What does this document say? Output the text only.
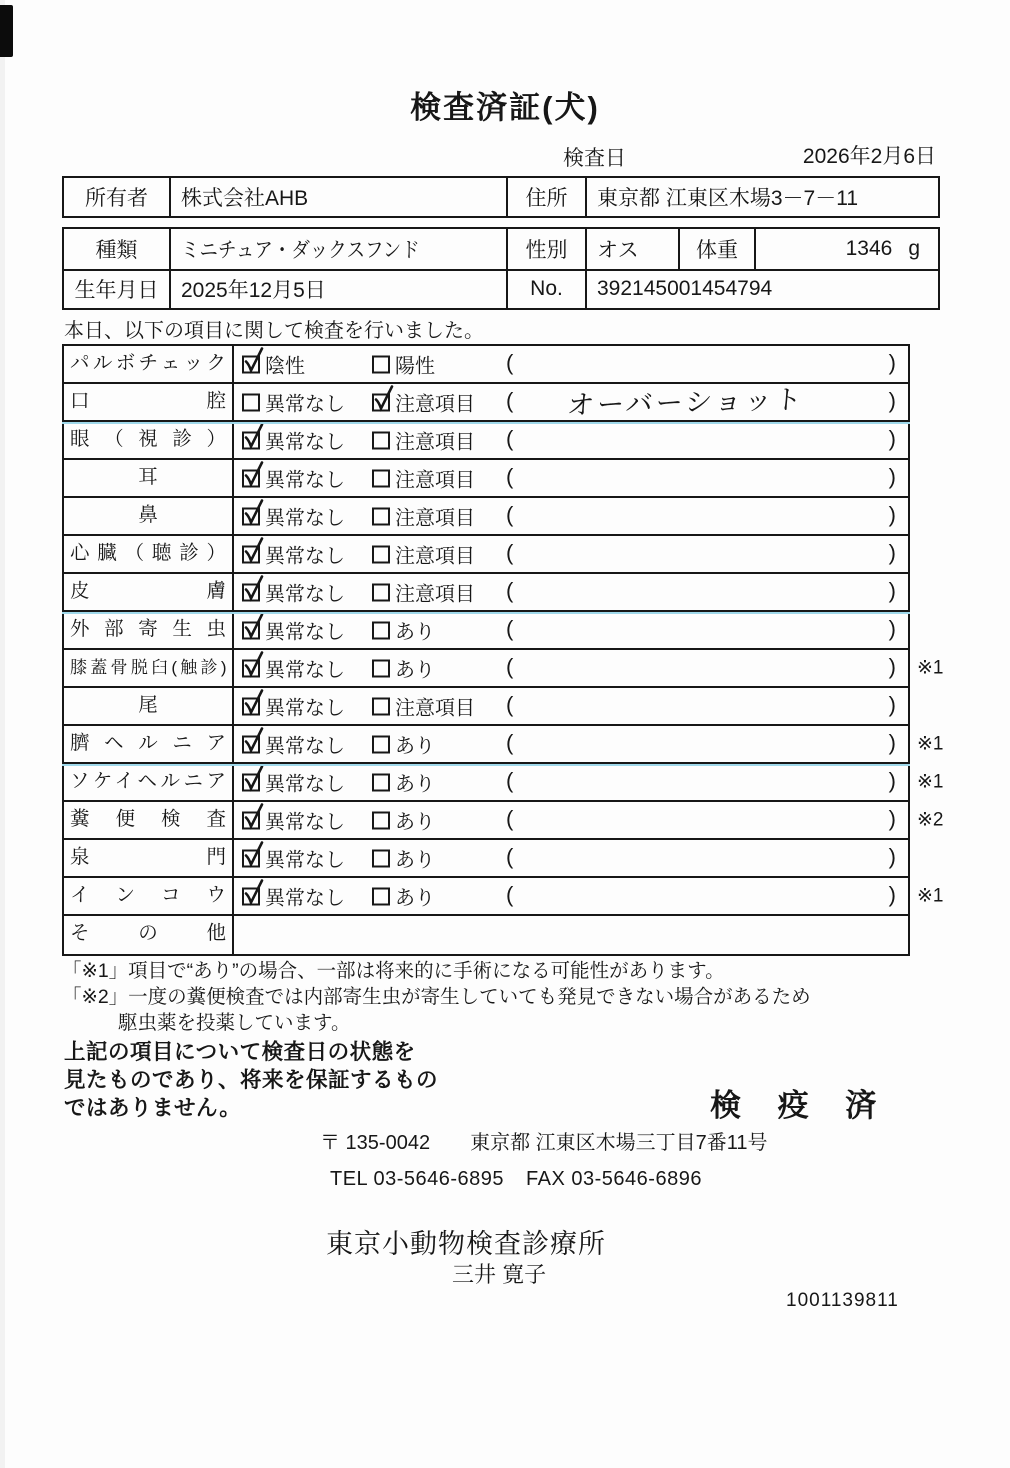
検査済証(犬)
検査日	2026年2月6日
所有者	株式会社AHB	住所	東京都 江東区木場3－7－11
種類	ミニチュア・ダックスフンド	性別	オス	体重	1346 g
生年月日	2025年12月5日	No.	392145001454794
本日、以下の項目に関して検査を行いました。
パルボチェック	陰性	陽性	(	)
口腔	異常なし	注意項目 (	オーバーショット	)
眼（視診）	異常なし	注意項目 (	)
耳	異常なし	注意項目 (	)
鼻	異常なし	注意項目 (	)
心臓（聴診）	異常なし	注意項目 (	)
皮膚	異常なし	注意項目 (	)
外部寄生虫	異常なし	あり	(	)
膝蓋骨脱臼(触診)	異常なし	あり	(	) ※1
尾	異常なし	注意項目 (	)
臍ヘルニア	異常なし	あり	(	) ※1
ソケイヘルニア	異常なし	あり	(	) ※1
糞便検査	異常なし	あり	(	) ※2
泉門	異常なし	あり	(	)
インコウ	異常なし	あり	(	) ※1
その他
「※1」項目で“あり”の場合、一部は将来的に手術になる可能性があります。
「※2」一度の糞便検査では内部寄生虫が寄生していても発見できない場合があるため
駆虫薬を投薬しています。
上記の項目について検査日の状態を
見たものであり、将来を保証するもの
ではありません。	検 疫 済
〒 135-0042 東京都 江東区木場三丁目7番11号
TEL 03-5646-6895 FAX 03-5646-6896
東京小動物検査診療所
三井 寛子
1001139811
